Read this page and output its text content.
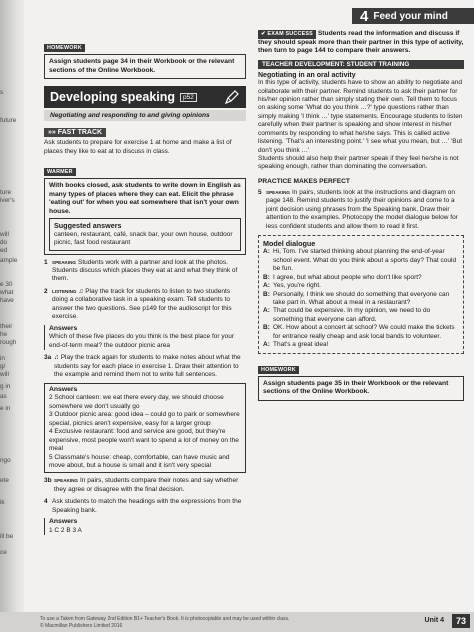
s
future
ture
iver's
will
do
ed
ample
e 30
what
have
their
he
rough
in
g/
will
g in
as
e in
ngo
ete
ik
ill be
ce
4 Feed your mind
HOMEWORK
Assign students page 34 in their Workbook or the relevant sections of the Online Workbook.
Developing speaking	p52
Negotiating and responding to and giving opinions
»» FAST TRACK
Ask students to prepare for exercise 1 at home and make a list of places they like to eat at to discuss in class.
WARMER
With books closed, ask students to write down in English as many types of places where they can eat. Elicit the phrase 'eating out' for when you eat somewhere that isn't your own house.
Suggested answers
canteen, restaurant, café, snack bar, your own house, outdoor picnic, fast food restaurant
1 SPEAKING Students work with a partner and look at the photos. Students discuss which places they eat at and what they think of them.
2 LISTENING ♫ Play the track for students to listen to two students doing a collaborative task in a speaking exam. Tell students to answer the two questions. See p149 for the audioscript for this exercise.
Answers
Which of these five places do you think is the best place for your end-of-term meal? the outdoor picnic area
3a ♫ Play the track again for students to make notes about what the students say for each place in exercise 1. Draw their attention to the example and remind them not to write full sentences.
Answers
2 School canteen: we eat there every day, we should choose somewhere we don't usually go
3 Outdoor picnic area: good idea – could go to park or somewhere special, picnics aren't expensive, easy for a larger group
4 Exclusive restaurant: food and service are good, but they're expensive, most people won't want to spend a lot of money on the meal
5 Classmate's house: cheap, comfortable, can have music and move about, but a house is small and it isn't very special
3b SPEAKING In pairs, students compare their notes and say whether they agree or disagree with the final decision.
4 Ask students to match the headings with the expressions from the Speaking bank.
Answers
1 C 2 B 3 A
✔ EXAM SUCCESS Students read the information and discuss if they should speak more than their partner in this type of activity, then turn to page 144 to compare their answers.
TEACHER DEVELOPMENT: STUDENT TRAINING
Negotiating in an oral activity
In this type of activity, students have to show an ability to negotiate and collaborate with their partner. Remind students to ask their partner for his/her opinion rather than simply stating their own. Tell them to focus on asking some 'What do you think …?' type questions rather than simply making 'I think …' type statements. Encourage students to listen carefully when their partner is speaking and show interest in his/her comments by responding to what he/she says. This is called active listening. 'That's an interesting point.' 'I see what you mean, but …' 'But don't you think …'
Students should also help their partner speak if they feel he/she is not speaking enough, rather than dominating the conversation.
PRACTICE MAKES PERFECT
5 SPEAKING In pairs, students look at the instructions and diagram on page 148. Remind students to justify their opinions and come to a joint decision using phrases from the Speaking bank. Draw their attention to the examples. Photocopy the model dialogue below for less confident students and allow them to read it first.
Model dialogue
A: Hi, Tom. I've started thinking about planning the end-of-year school event. What do you think about a sports day? That could be fun.
B: I agree, but what about people who don't like sport?
A: Yes, you're right.
B: Personally, I think we should do something that everyone can take part in. What about a meal in a restaurant?
A: That could be expensive. In my opinion, we need to do something that everyone can afford.
B: OK. How about a concert at school? We could make the tickets for entrance really cheap and ask local bands to volunteer.
A: That's a great idea!
HOMEWORK
Assign students page 35 in their Workbook or the relevant sections of the Online Workbook.
To use a Taken from Gateway 2nd Edition B1+ Teacher's Book. It is photocopiable and may be used within class.
© Macmillan Publishers Limited 2016
Unit 4	73
